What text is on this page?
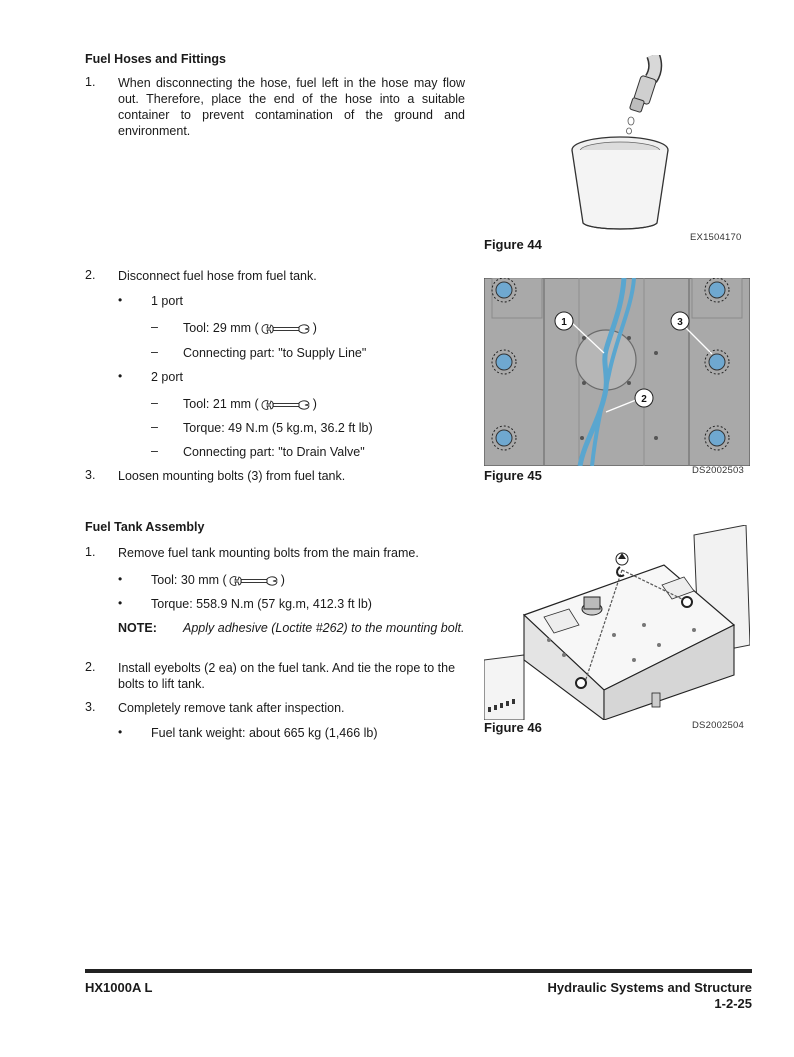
Fuel Hoses and Fittings
1.	When disconnecting the hose, fuel left in the hose may flow out. Therefore, place the end of the hose into a suitable container to prevent contamination of the ground and environment.
2.	Disconnect fuel hose from fuel tank.
• 1 port
– Tool: 29 mm (	)
– Connecting part: "to Supply Line"
• 2 port
– Tool: 21 mm (	)
– Torque: 49 N.m (5 kg.m, 36.2 ft lb)
– Connecting part: "to Drain Valve"
3.	Loosen mounting bolts (3) from fuel tank.
Fuel Tank Assembly
1.	Remove fuel tank mounting bolts from the main frame.
• Tool: 30 mm (	)
• Torque: 558.9 N.m (57 kg.m, 412.3 ft lb)
NOTE: Apply adhesive (Loctite #262) to the mounting bolt.
2.	Install eyebolts (2 ea) on the fuel tank. And tie the rope to the bolts to lift tank.
3.	Completely remove tank after inspection.
• Fuel tank weight: about 665 kg (1,466 lb)
Figure 44	EX1504170
1
2
3
Figure 45	DS2002503
Figure 46	DS2002504
HX1000A L	Hydraulic Systems and Structure
1-2-25
